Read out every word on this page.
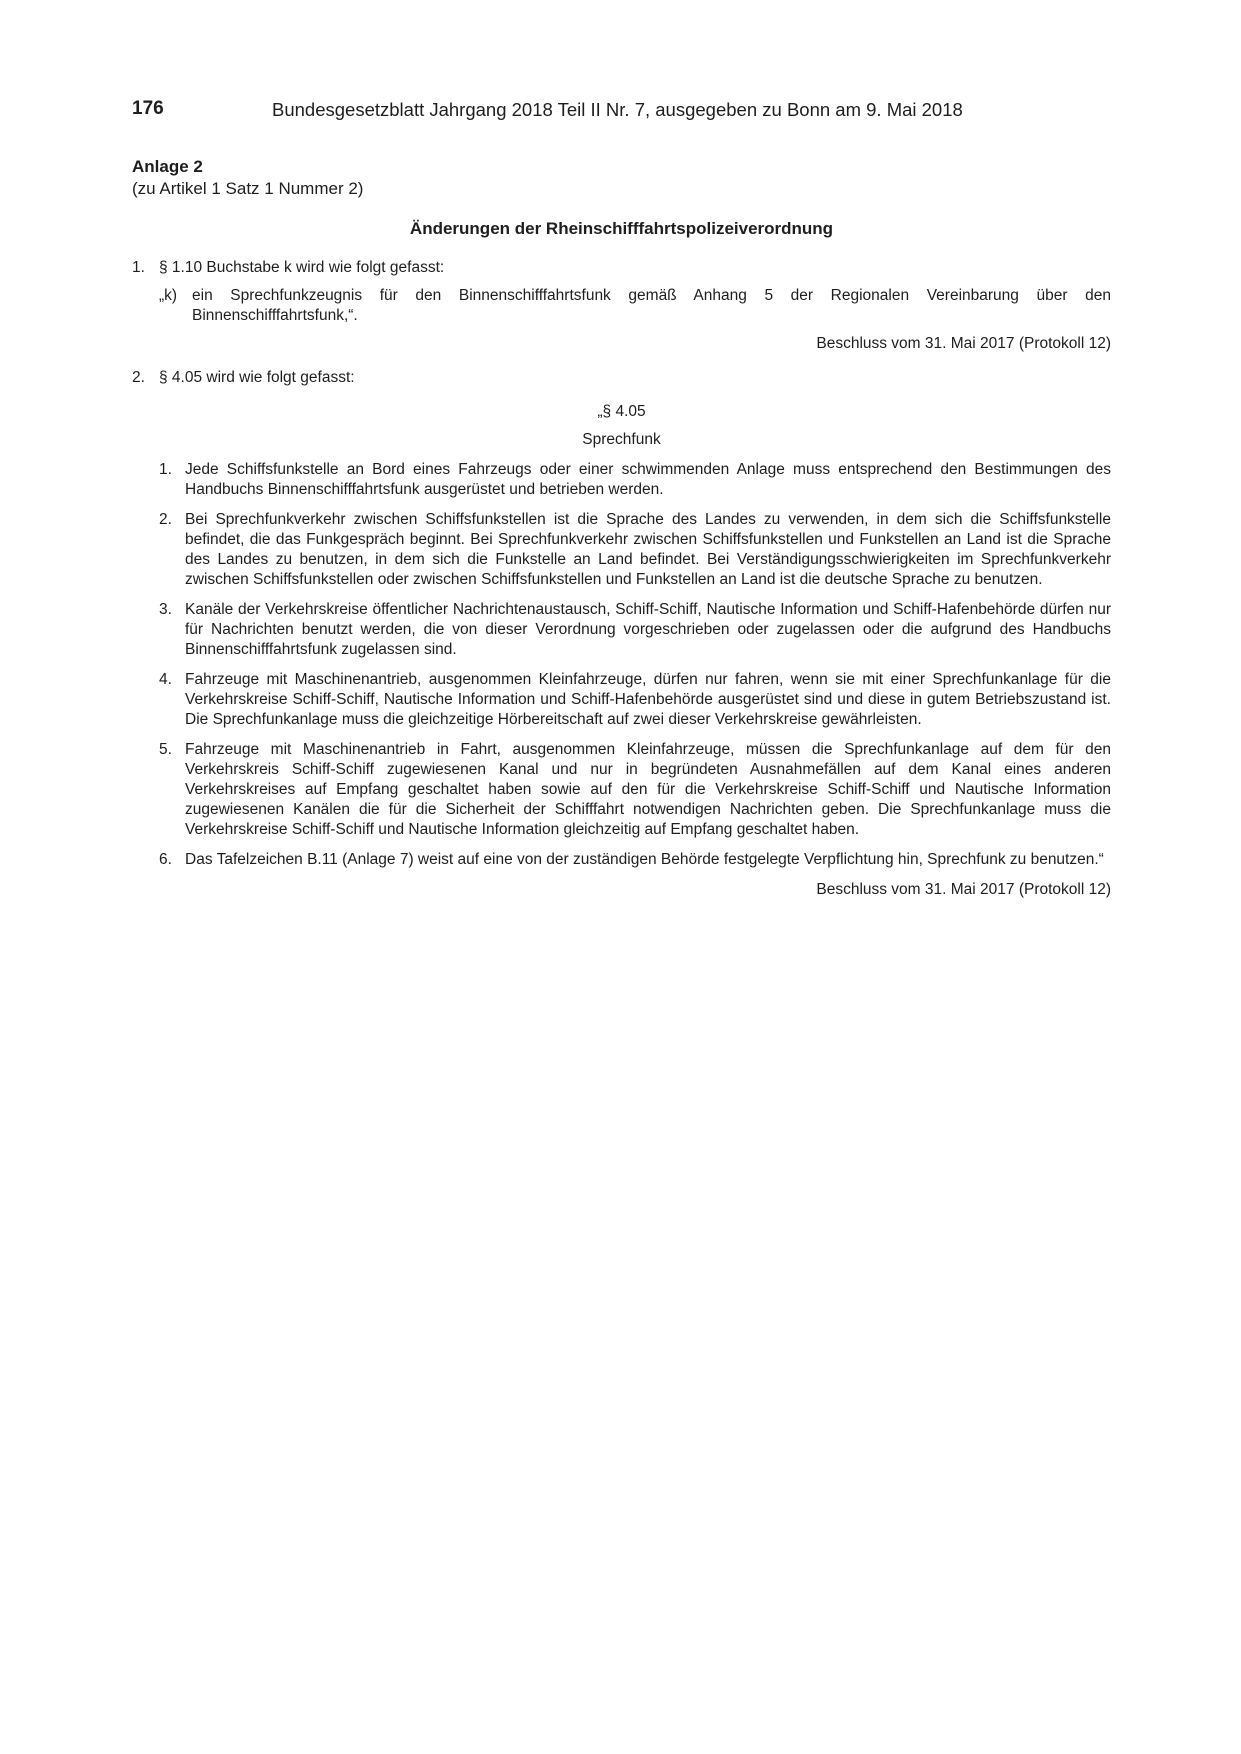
176	Bundesgesetzblatt Jahrgang 2018 Teil II Nr. 7, ausgegeben zu Bonn am 9. Mai 2018
Anlage 2
(zu Artikel 1 Satz 1 Nummer 2)
Änderungen der Rheinschifffahrtspolizeiverordnung
1. § 1.10 Buchstabe k wird wie folgt gefasst:
„k) ein Sprechfunkzeugnis für den Binnenschifffahrtsfunk gemäß Anhang 5 der Regionalen Vereinbarung über den Binnenschifffahrtsfunk,“.
Beschluss vom 31. Mai 2017 (Protokoll 12)
2. § 4.05 wird wie folgt gefasst:
„§ 4.05
Sprechfunk
1. Jede Schiffsfunkstelle an Bord eines Fahrzeugs oder einer schwimmenden Anlage muss entsprechend den Bestimmungen des Handbuchs Binnenschifffahrtsfunk ausgerüstet und betrieben werden.
2. Bei Sprechfunkverkehr zwischen Schiffsfunkstellen ist die Sprache des Landes zu verwenden, in dem sich die Schiffsfunkstelle befindet, die das Funkgespräch beginnt. Bei Sprechfunkverkehr zwischen Schiffsfunkstellen und Funkstellen an Land ist die Sprache des Landes zu benutzen, in dem sich die Funkstelle an Land befindet. Bei Verständigungsschwierigkeiten im Sprechfunkverkehr zwischen Schiffsfunkstellen oder zwischen Schiffsfunkstellen und Funkstellen an Land ist die deutsche Sprache zu benutzen.
3. Kanäle der Verkehrskreise öffentlicher Nachrichtenaustausch, Schiff-Schiff, Nautische Information und Schiff-Hafenbehörde dürfen nur für Nachrichten benutzt werden, die von dieser Verordnung vorgeschrieben oder zugelassen oder die aufgrund des Handbuchs Binnenschifffahrtsfunk zugelassen sind.
4. Fahrzeuge mit Maschinenantrieb, ausgenommen Kleinfahrzeuge, dürfen nur fahren, wenn sie mit einer Sprechfunkanlage für die Verkehrskreise Schiff-Schiff, Nautische Information und Schiff-Hafenbehörde ausgerüstet sind und diese in gutem Betriebszustand ist. Die Sprechfunkanlage muss die gleichzeitige Hörbereitschaft auf zwei dieser Verkehrskreise gewährleisten.
5. Fahrzeuge mit Maschinenantrieb in Fahrt, ausgenommen Kleinfahrzeuge, müssen die Sprechfunkanlage auf dem für den Verkehrskreis Schiff-Schiff zugewiesenen Kanal und nur in begründeten Ausnahmefällen auf dem Kanal eines anderen Verkehrskreises auf Empfang geschaltet haben sowie auf den für die Verkehrskreise Schiff-Schiff und Nautische Information zugewiesenen Kanälen die für die Sicherheit der Schifffahrt notwendigen Nachrichten geben. Die Sprechfunkanlage muss die Verkehrskreise Schiff-Schiff und Nautische Information gleichzeitig auf Empfang geschaltet haben.
6. Das Tafelzeichen B.11 (Anlage 7) weist auf eine von der zuständigen Behörde festgelegte Verpflichtung hin, Sprechfunk zu benutzen.“
Beschluss vom 31. Mai 2017 (Protokoll 12)
